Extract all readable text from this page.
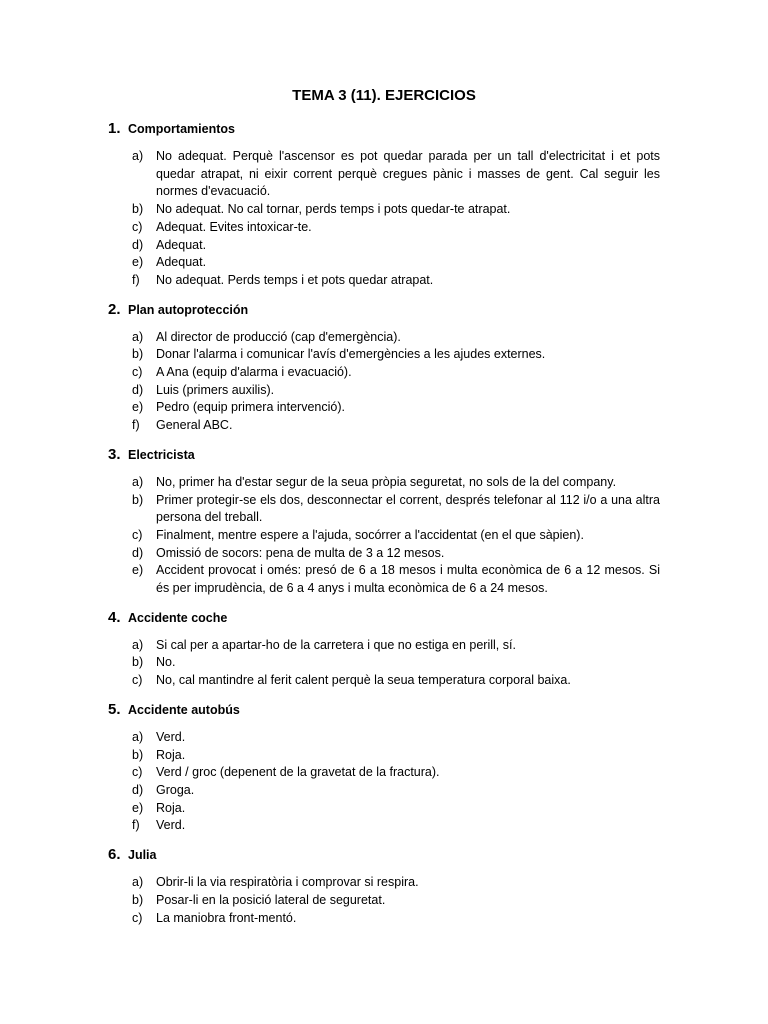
TEMA 3 (11). EJERCICIOS
1. Comportamientos
a)	No adequat. Perquè l'ascensor es pot quedar parada per un tall d'electricitat i et pots quedar atrapat, ni eixir corrent perquè cregues pànic i masses de gent. Cal seguir les normes d'evacuació.
b)	No adequat. No cal tornar, perds temps i pots quedar-te atrapat.
c)	Adequat. Evites intoxicar-te.
d)	Adequat.
e)	Adequat.
f)	No adequat. Perds temps i et pots quedar atrapat.
2. Plan autoprotección
a)	Al director de producció (cap d'emergència).
b)	Donar l'alarma i comunicar l'avís d'emergències a les ajudes externes.
c)	A Ana (equip d'alarma i evacuació).
d)	Luis (primers auxilis).
e)	Pedro (equip primera intervenció).
f)	General ABC.
3. Electricista
a)	No, primer ha d'estar segur de la seua pròpia seguretat, no sols de la del company.
b)	Primer protegir-se els dos, desconnectar el corrent, després telefonar al 112 i/o a una altra persona del treball.
c)	Finalment, mentre espere a l'ajuda, socórrer a l'accidentat (en el que sàpien).
d)	Omissió de socors: pena de multa de 3 a 12 mesos.
e)	Accident provocat i omés: presó de 6 a 18 mesos i multa econòmica de 6 a 12 mesos. Si és per imprudència, de 6 a 4 anys i multa econòmica de 6 a 24 mesos.
4. Accidente coche
a)	Si cal per a apartar-ho de la carretera i que no estiga en perill, sí.
b)	No.
c)	No, cal mantindre al ferit calent perquè la seua temperatura corporal baixa.
5. Accidente autobús
a)	Verd.
b)	Roja.
c)	Verd / groc (depenent de la gravetat de la fractura).
d)	Groga.
e)	Roja.
f)	Verd.
6. Julia
a)	Obrir-li la via respiratòria i comprovar si respira.
b)	Posar-li en la posició lateral de seguretat.
c)	La maniobra front-mentó.
